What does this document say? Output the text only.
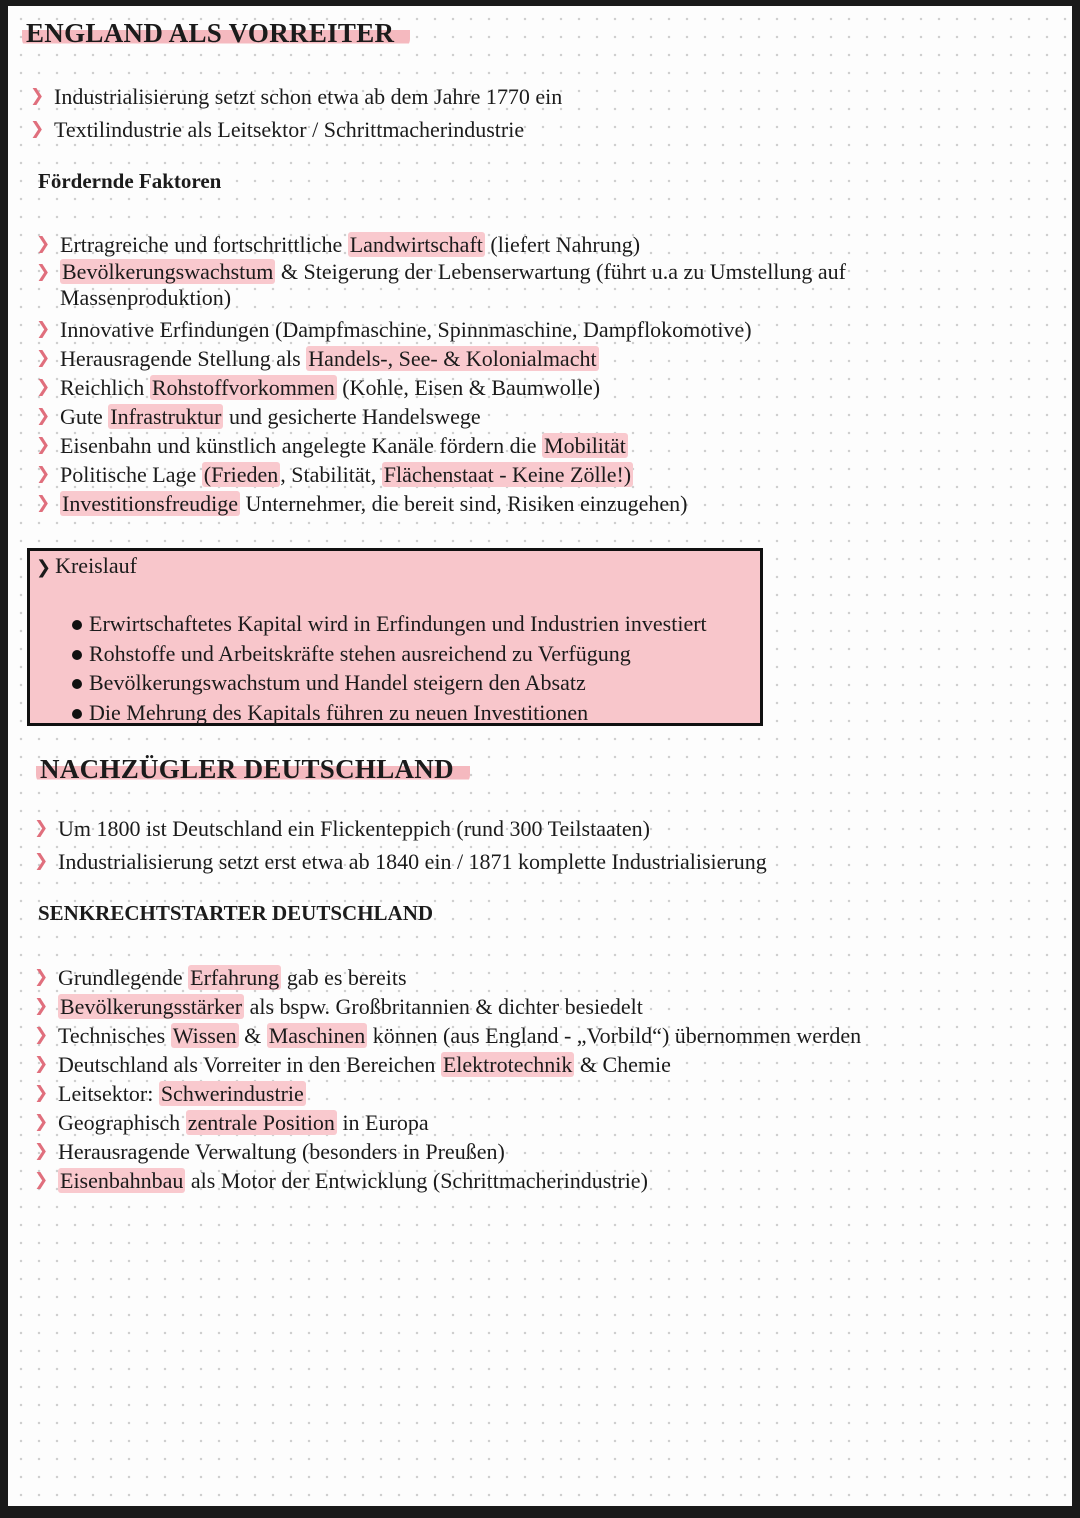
ENGLAND ALS VORREITER
❯ Industrialisierung setzt schon etwa ab dem Jahre 1770 ein
❯ Textilindustrie als Leitsektor / Schrittmacherindustrie
Fördernde Faktoren
❯ Ertragreiche und fortschrittliche Landwirtschaft (liefert Nahrung)
❯ Bevölkerungswachstum & Steigerung der Lebenserwartung (führt u.a zu Umstellung auf Massenproduktion)
❯ Innovative Erfindungen (Dampfmaschine, Spinnmaschine, Dampflokomotive)
❯ Herausragende Stellung als Handels-, See- & Kolonialmacht
❯ Reichlich Rohstoffvorkommen (Kohle, Eisen & Baumwolle)
❯ Gute Infrastruktur und gesicherte Handelswege
❯ Eisenbahn und künstlich angelegte Kanäle fördern die Mobilität
❯ Politische Lage (Frieden, Stabilität, Flächenstaat - Keine Zölle!)
❯ Investitionsfreudige Unternehmer, die bereit sind, Risiken einzugehen)
❯ Kreislauf
Erwirtschaftetes Kapital wird in Erfindungen und Industrien investiert
Rohstoffe und Arbeitskräfte stehen ausreichend zu Verfügung
Bevölkerungswachstum und Handel steigern den Absatz
Die Mehrung des Kapitals führen zu neuen Investitionen
NACHZÜGLER DEUTSCHLAND
❯ Um 1800 ist Deutschland ein Flickenteppich (rund 300 Teilstaaten)
❯ Industrialisierung setzt erst etwa ab 1840 ein / 1871 komplette Industrialisierung
SENKRECHTSTARTER DEUTSCHLAND
❯ Grundlegende Erfahrung gab es bereits
❯ Bevölkerungsstärker als bspw. Großbritannien & dichter besiedelt
❯ Technisches Wissen & Maschinen können (aus England - „Vorbild“) übernommen werden
❯ Deutschland als Vorreiter in den Bereichen Elektrotechnik & Chemie
❯ Leitsektor: Schwerindustrie
❯ Geographisch zentrale Position in Europa
❯ Herausragende Verwaltung (besonders in Preußen)
❯ Eisenbahnbau als Motor der Entwicklung (Schrittmacherindustrie)
